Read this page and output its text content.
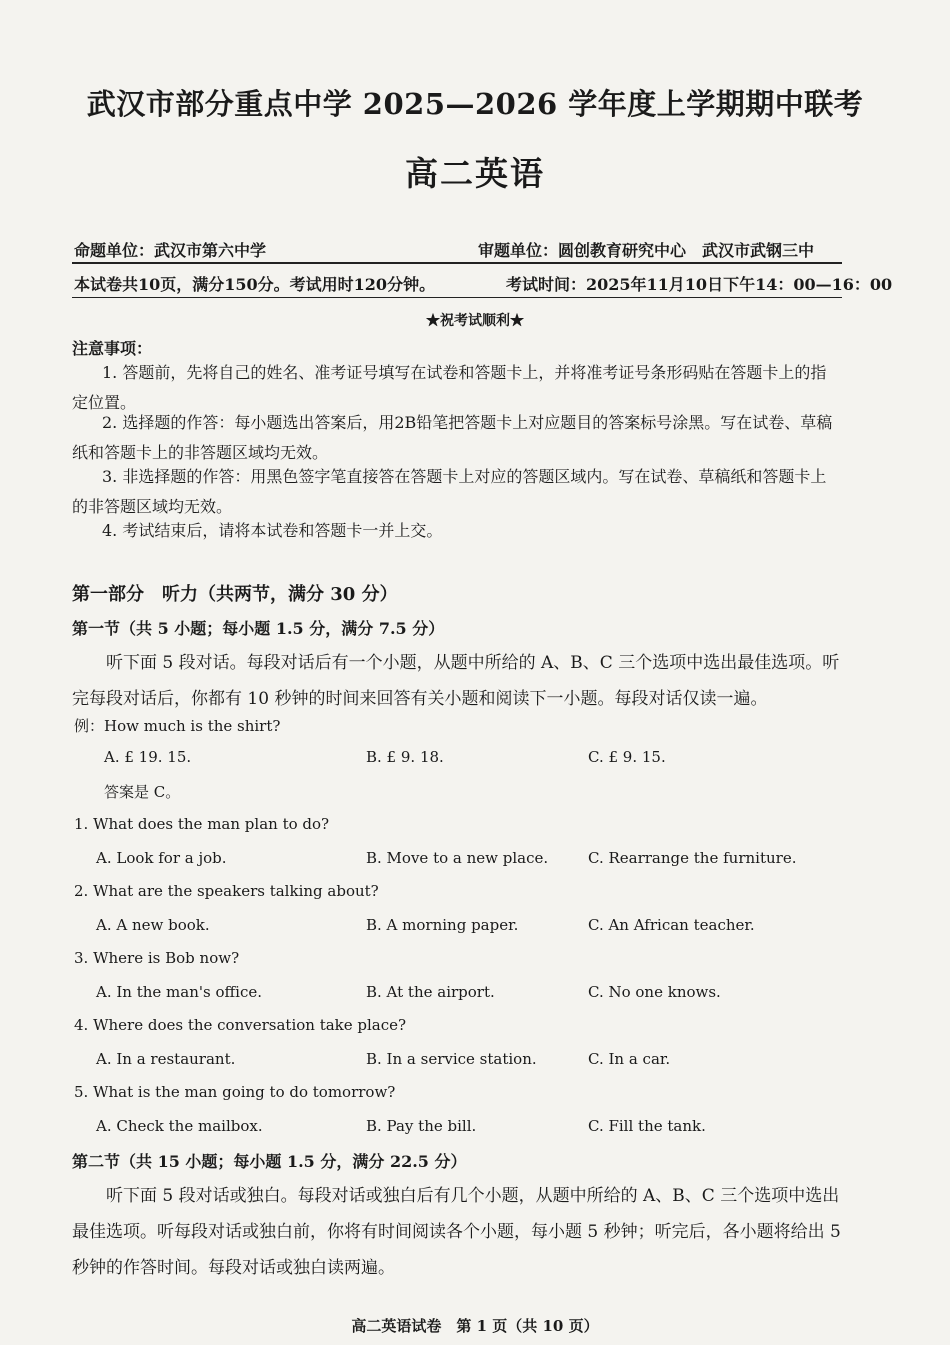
武汉市部分重点中学 2025—2026 学年度上学期期中联考
高二英语
命题单位：武汉市第六中学	审题单位：圆创教育研究中心　武汉市武钢三中
本试卷共10页，满分150分。考试用时120分钟。	考试时间：2025年11月10日下午14：00—16：00
★祝考试顺利★
注意事项：
1. 答题前，先将自己的姓名、准考证号填写在试卷和答题卡上，并将准考证号条形码贴在答题卡上的指定位置。
2. 选择题的作答：每小题选出答案后，用2B铅笔把答题卡上对应题目的答案标号涂黑。写在试卷、草稿纸和答题卡上的非答题区域均无效。
3. 非选择题的作答：用黑色签字笔直接答在答题卡上对应的答题区域内。写在试卷、草稿纸和答题卡上的非答题区域均无效。
4. 考试结束后，请将本试卷和答题卡一并上交。
第一部分　听力（共两节，满分 30 分）
第一节（共 5 小题；每小题 1.5 分，满分 7.5 分）
听下面 5 段对话。每段对话后有一个小题，从题中所给的 A、B、C 三个选项中选出最佳选项。听完每段对话后，你都有 10 秒钟的时间来回答有关小题和阅读下一小题。每段对话仅读一遍。
例：How much is the shirt?
A. £ 19. 15.	B. £ 9. 18.	C. £ 9. 15.
答案是 C。
1. What does the man plan to do?
A. Look for a job.	B. Move to a new place.	C. Rearrange the furniture.
2. What are the speakers talking about?
A. A new book.	B. A morning paper.	C. An African teacher.
3. Where is Bob now?
A. In the man's office.	B. At the airport.	C. No one knows.
4. Where does the conversation take place?
A. In a restaurant.	B. In a service station.	C. In a car.
5. What is the man going to do tomorrow?
A. Check the mailbox.	B. Pay the bill.	C. Fill the tank.
第二节（共 15 小题；每小题 1.5 分，满分 22.5 分）
听下面 5 段对话或独白。每段对话或独白后有几个小题，从题中所给的 A、B、C 三个选项中选出最佳选项。听每段对话或独白前，你将有时间阅读各个小题，每小题 5 秒钟；听完后，各小题将给出 5 秒钟的作答时间。每段对话或独白读两遍。
高二英语试卷　第 1 页（共 10 页）
